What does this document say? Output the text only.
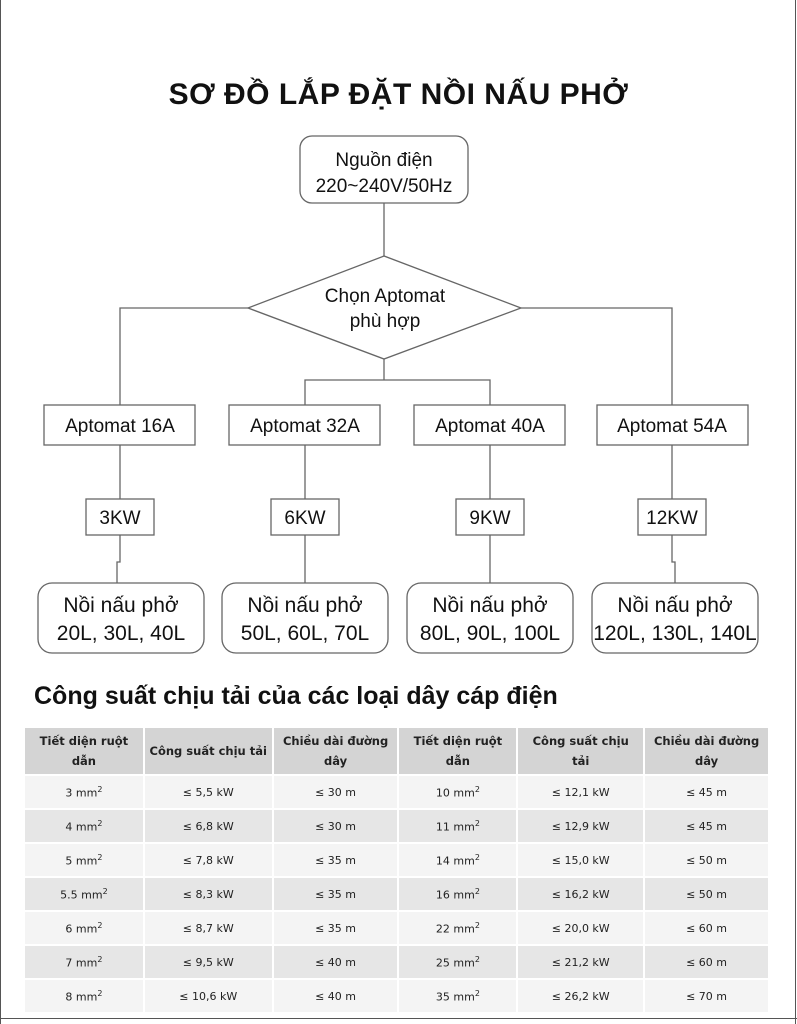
SƠ ĐỒ LẮP ĐẶT NỒI NẤU PHỞ
Nguồn điện
220~240V/50Hz
Chọn Aptomat
phù hợp
Aptomat 16A	Aptomat 32A	Aptomat 40A	Aptomat 54A
3KW	6KW	9KW	12KW
Nồi nấu phở
20L, 30L, 40L
Nồi nấu phở
50L, 60L, 70L
Nồi nấu phở
80L, 90L, 100L
Nồi nấu phở
120L, 130L, 140L
Công suất chịu tải của các loại dây cáp điện
Tiết diện ruột dẫn	Công suất chịu tải	Chiều dài đường dây	Tiết diện ruột dẫn	Công suất chịu tải	Chiều dài đường dây
3 $mm^2$	≤ 5,5 kW	≤ 30 m	10 $mm^2$	≤ 12,1 kW	≤ 45 m
4 $mm^2$	≤ 6,8 kW	≤ 30 m	11 $mm^2$	≤ 12,9 kW	≤ 45 m
5 $mm^2$	≤ 7,8 kW	≤ 35 m	14 $mm^2$	≤ 15,0 kW	≤ 50 m
5.5 $mm^2$	≤ 8,3 kW	≤ 35 m	16 $mm^2$	≤ 16,2 kW	≤ 50 m
6 $mm^2$	≤ 8,7 kW	≤ 35 m	22 $mm^2$	≤ 20,0 kW	≤ 60 m
7 $mm^2$	≤ 9,5 kW	≤ 40 m	25 $mm^2$	≤ 21,2 kW	≤ 60 m
8 $mm^2$	≤ 10,6 kW	≤ 40 m	35 $mm^2$	≤ 26,2 kW	≤ 70 m
